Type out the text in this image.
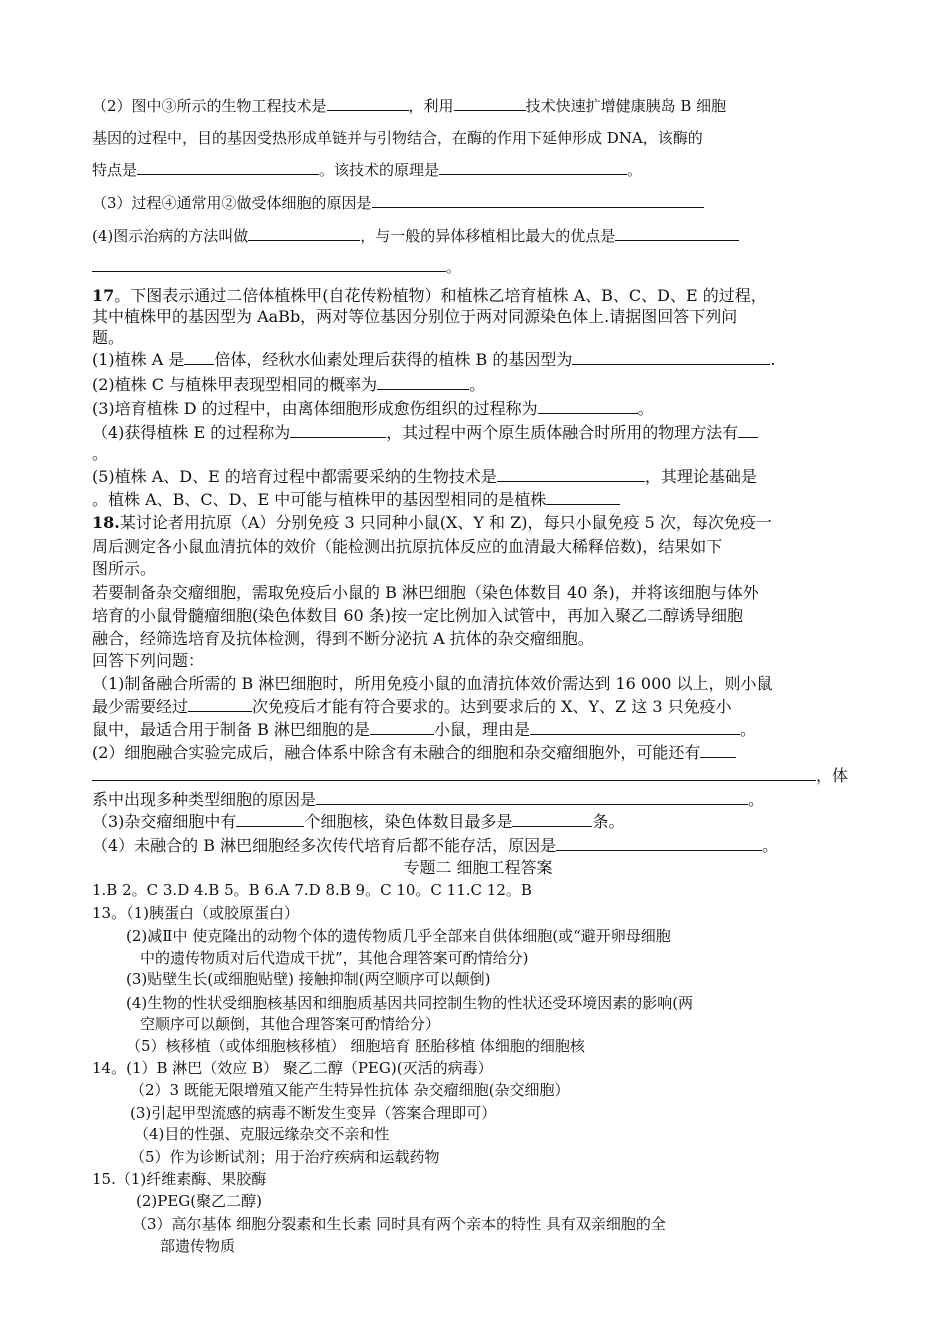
（2）图中③所示的生物工程技术是	，利用	技术快速扩增健康胰岛 B 细胞
基因的过程中，目的基因受热形成单链并与引物结合，在酶的作用下延伸形成 DNA，该酶的
特点是	。该技术的原理是	。
（3）过程④通常用②做受体细胞的原因是
(4)图示治病的方法叫做	，与一般的异体移植相比最大的优点是
。
17。下图表示通过二倍体植株甲(自花传粉植物）和植株乙培育植株 A、B、C、D、E 的过程，
其中植株甲的基因型为 AaBb，两对等位基因分别位于两对同源染色体上.请据图回答下列问
题。
(1)植株 A 是 倍体，经秋水仙素处理后获得的植株 B 的基因型为	.
(2)植株 C 与植株甲表现型相同的概率为	。
(3)培育植株 D 的过程中，由离体细胞形成愈伤组织的过程称为	。
（4)获得植株 E 的过程称为	，其过程中两个原生质体融合时所用的物理方法有
。
(5)植株 A、D、E 的培育过程中都需要采纳的生物技术是	，其理论基础是
。植株 A、B、C、D、E 中可能与植株甲的基因型相同的是植株
18.某讨论者用抗原（A）分别免疫 3 只同种小鼠(X、Y 和 Z)，每只小鼠免疫 5 次，每次免疫一
周后测定各小鼠血清抗体的效价（能检测出抗原抗体反应的血清最大稀释倍数)，结果如下
图所示。
若要制备杂交瘤细胞，需取免疫后小鼠的 B 淋巴细胞（染色体数目 40 条)，并将该细胞与体外
培育的小鼠骨髓瘤细胞(染色体数目 60 条)按一定比例加入试管中，再加入聚乙二醇诱导细胞
融合，经筛选培育及抗体检测，得到不断分泌抗 A 抗体的杂交瘤细胞。
回答下列问题：
（1)制备融合所需的 B 淋巴细胞时，所用免疫小鼠的血清抗体效价需达到 16 000 以上，则小鼠
最少需要经过	次免疫后才能有符合要求的。达到要求后的 X、Y、Z 这 3 只免疫小
鼠中，最适合用于制备 B 淋巴细胞的是	小鼠，理由是	。
(2）细胞融合实验完成后，融合体系中除含有未融合的细胞和杂交瘤细胞外，可能还有
，体
系中出现多种类型细胞的原因是	。
（3)杂交瘤细胞中有	个细胞核，染色体数目最多是	条。
（4）未融合的 B 淋巴细胞经多次传代培育后都不能存活，原因是	。
专题二 细胞工程答案
1.B 2。C 3.D 4.B 5。B 6.A 7.D 8.B 9。C 10。C 11.C 12。B
13。（1)胰蛋白（或胶原蛋白）
(2)减Ⅱ中 使克隆出的动物个体的遗传物质几乎全部来自供体细胞(或“避开卵母细胞
中的遗传物质对后代造成干扰”，其他合理答案可酌情给分)
(3)贴壁生长(或细胞贴壁) 接触抑制(两空顺序可以颠倒)
(4)生物的性状受细胞核基因和细胞质基因共同控制生物的性状还受环境因素的影响(两
空顺序可以颠倒，其他合理答案可酌情给分）
（5）核移植（或体细胞核移植） 细胞培育 胚胎移植 体细胞的细胞核
14。(1）B 淋巴（效应 B） 聚乙二醇（PEG)(灭活的病毒）
（2）3 既能无限增殖又能产生特异性抗体 杂交瘤细胞(杂交细胞）
(3)引起甲型流感的病毒不断发生变异（答案合理即可）
（4)目的性强、克服远缘杂交不亲和性
（5）作为诊断试剂；用于治疗疾病和运载药物
15.（1)纤维素酶、果胶酶
(2)PEG(聚乙二醇)
（3）高尔基体 细胞分裂素和生长素 同时具有两个亲本的特性 具有双亲细胞的全
部遗传物质
